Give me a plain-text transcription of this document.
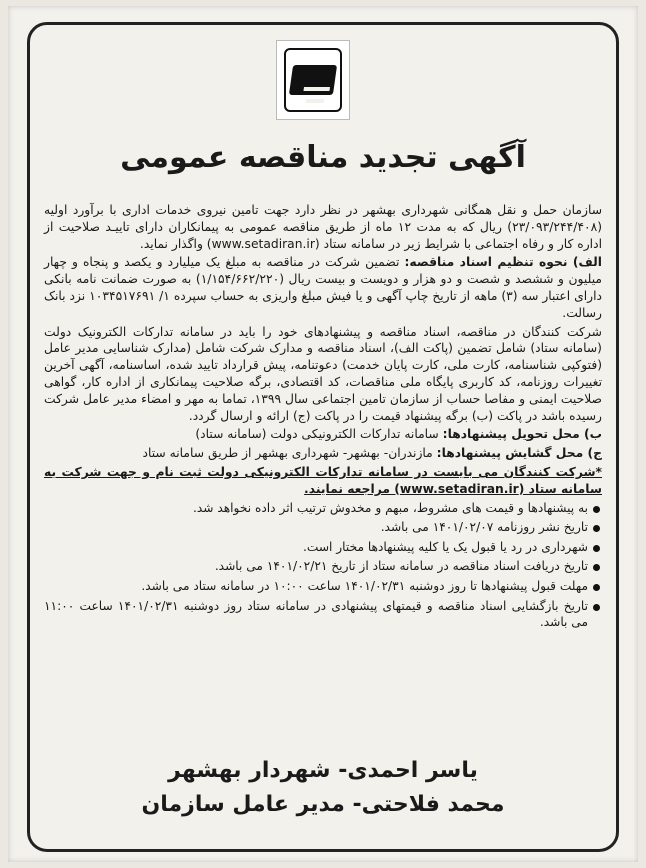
آگهی تجدید مناقصه عمومی

سازمان حمل و نقل همگانی شهرداری بهشهر در نظر دارد جهت تامین نیروی خدمات اداری با برآورد اولیه (۲۳/۰۹۳/۲۴۴/۴۰۸) ریال که به مدت ۱۲ ماه از طریق مناقصه عمومی به پیمانکاران دارای تاییـد صلاحیت از اداره کار و رفاه اجتماعی با شرایط زیر در سامانه ستاد (www.setadiran.ir) واگذار نماید.

الف) نحوه تنظیم اسناد مناقصه: تضمین شرکت در مناقصه به مبلغ یک میلیارد و یکصد و پنجاه و چهار میلیون و ششصد و شصت و دو هزار و دویست و بیست ریال (۱/۱۵۴/۶۶۲/۲۲۰) به صورت ضمانت نامه بانکی دارای اعتبار سه (۳) ماهه از تاریخ چاپ آگهی و یا فیش مبلغ واریزی به حساب سپرده ۱/ ۱۰۳۴۵۱۷۶۹۱ نزد بانک رسالت.

شرکت کنندگان در مناقصه، اسناد مناقصه و پیشنهادهای خود را باید در سامانه تدارکات الکترونیک دولت (سامانه ستاد) شامل تضمین (پاکت الف)، اسناد مناقصه و مدارک شرکت شامل (مدارک شناسایی مدیر عامل (فتوکپی شناسنامه، کارت ملی، کارت پایان خدمت) دعوتنامه، پیش قرارداد تایید شده، اساسنامه، آگهی آخرین تغییرات روزنامه، کد کاربری پایگاه ملی مناقصات، کد اقتصادی، برگه صلاحیت پیمانکاری از اداره کار، گواهی صلاحیت ایمنی و مفاصا حساب از سازمان تامین اجتماعی سال ۱۳۹۹، تماما به مهر و امضاء مدیر عامل شرکت رسیده باشد در پاکت (ب) برگه پیشنهاد قیمت را در پاکت (ج) ارائه و ارسال گردد.

ب) محل تحویل پیشنهادها: سامانه تدارکات الکترونیکی دولت (سامانه ستاد)

ج) محل گشایش پیشنهادها: مازندران- بهشهر- شهرداری بهشهر از طریق سامانه ستاد

*شرکت کنندگان می بایست در سامانه تدارکات الکترونیکی دولت ثبت نام و جهت شرکت به سامانه ستاد (www.setadiran.ir) مراجعه نمایند.

به پیشنهادها و قیمت های مشروط، مبهم و مخدوش ترتیب اثر داده نخواهد شد.
تاریخ نشر روزنامه ۱۴۰۱/۰۲/۰۷ می باشد.
شهرداری در رد یا قبول یک یا کلیه پیشنهادها مختار است.
تاریخ دریافت اسناد مناقصه در سامانه ستاد از تاریخ ۱۴۰۱/۰۲/۲۱ می باشد.
مهلت قبول پیشنهادها تا روز دوشنبه ۱۴۰۱/۰۲/۳۱ ساعت ۱۰:۰۰ در سامانه ستاد می باشد.
تاریخ بازگشایی اسناد مناقصه و قیمتهای پیشنهادی در سامانه ستاد روز دوشنبه ۱۴۰۱/۰۲/۳۱ ساعت ۱۱:۰۰ می باشد.
یاسر احمدی- شهردار بهشهر
محمد فلاحتی- مدیر عامل سازمان
